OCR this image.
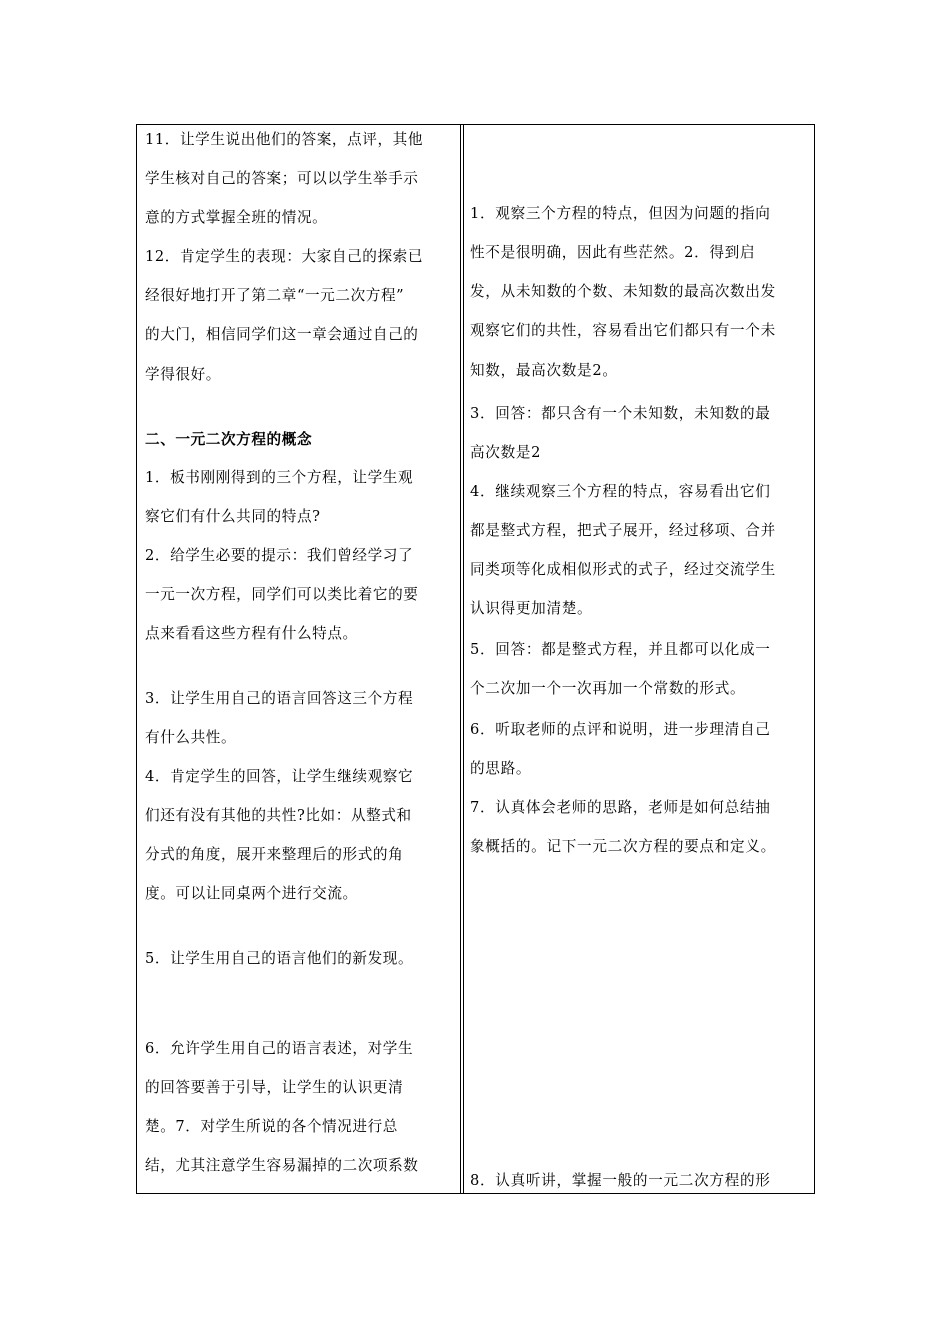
11．让学生说出他们的答案，点评，其他
学生核对自己的答案；可以以学生举手示
意的方式掌握全班的情况。
12．肯定学生的表现：大家自己的探索已
经很好地打开了第二章“一元二次方程”
的大门，相信同学们这一章会通过自己的
学得很好。
二、一元二次方程的概念
1．板书刚刚得到的三个方程，让学生观
察它们有什么共同的特点?
2．给学生必要的提示：我们曾经学习了
一元一次方程，同学们可以类比着它的要
点来看看这些方程有什么特点。
3．让学生用自己的语言回答这三个方程
有什么共性。
4．肯定学生的回答，让学生继续观察它
们还有没有其他的共性?比如：从整式和
分式的角度，展开来整理后的形式的角
度。可以让同桌两个进行交流。
5．让学生用自己的语言他们的新发现。
6．允许学生用自己的语言表述，对学生
的回答要善于引导，让学生的认识更清
楚。7．对学生所说的各个情况进行总
结，尤其注意学生容易漏掉的二次项系数
1．观察三个方程的特点，但因为问题的指向
性不是很明确，因此有些茫然。2．得到启
发，从未知数的个数、未知数的最高次数出发
观察它们的共性，容易看出它们都只有一个未
知数，最高次数是2。
3．回答：都只含有一个未知数，未知数的最
高次数是2
4．继续观察三个方程的特点，容易看出它们
都是整式方程，把式子展开，经过移项、合并
同类项等化成相似形式的式子，经过交流学生
认识得更加清楚。
5．回答：都是整式方程，并且都可以化成一
个二次加一个一次再加一个常数的形式。
6．听取老师的点评和说明，进一步理清自己
的思路。
7．认真体会老师的思路，老师是如何总结抽
象概括的。记下一元二次方程的要点和定义。
8．认真听讲，掌握一般的一元二次方程的形
